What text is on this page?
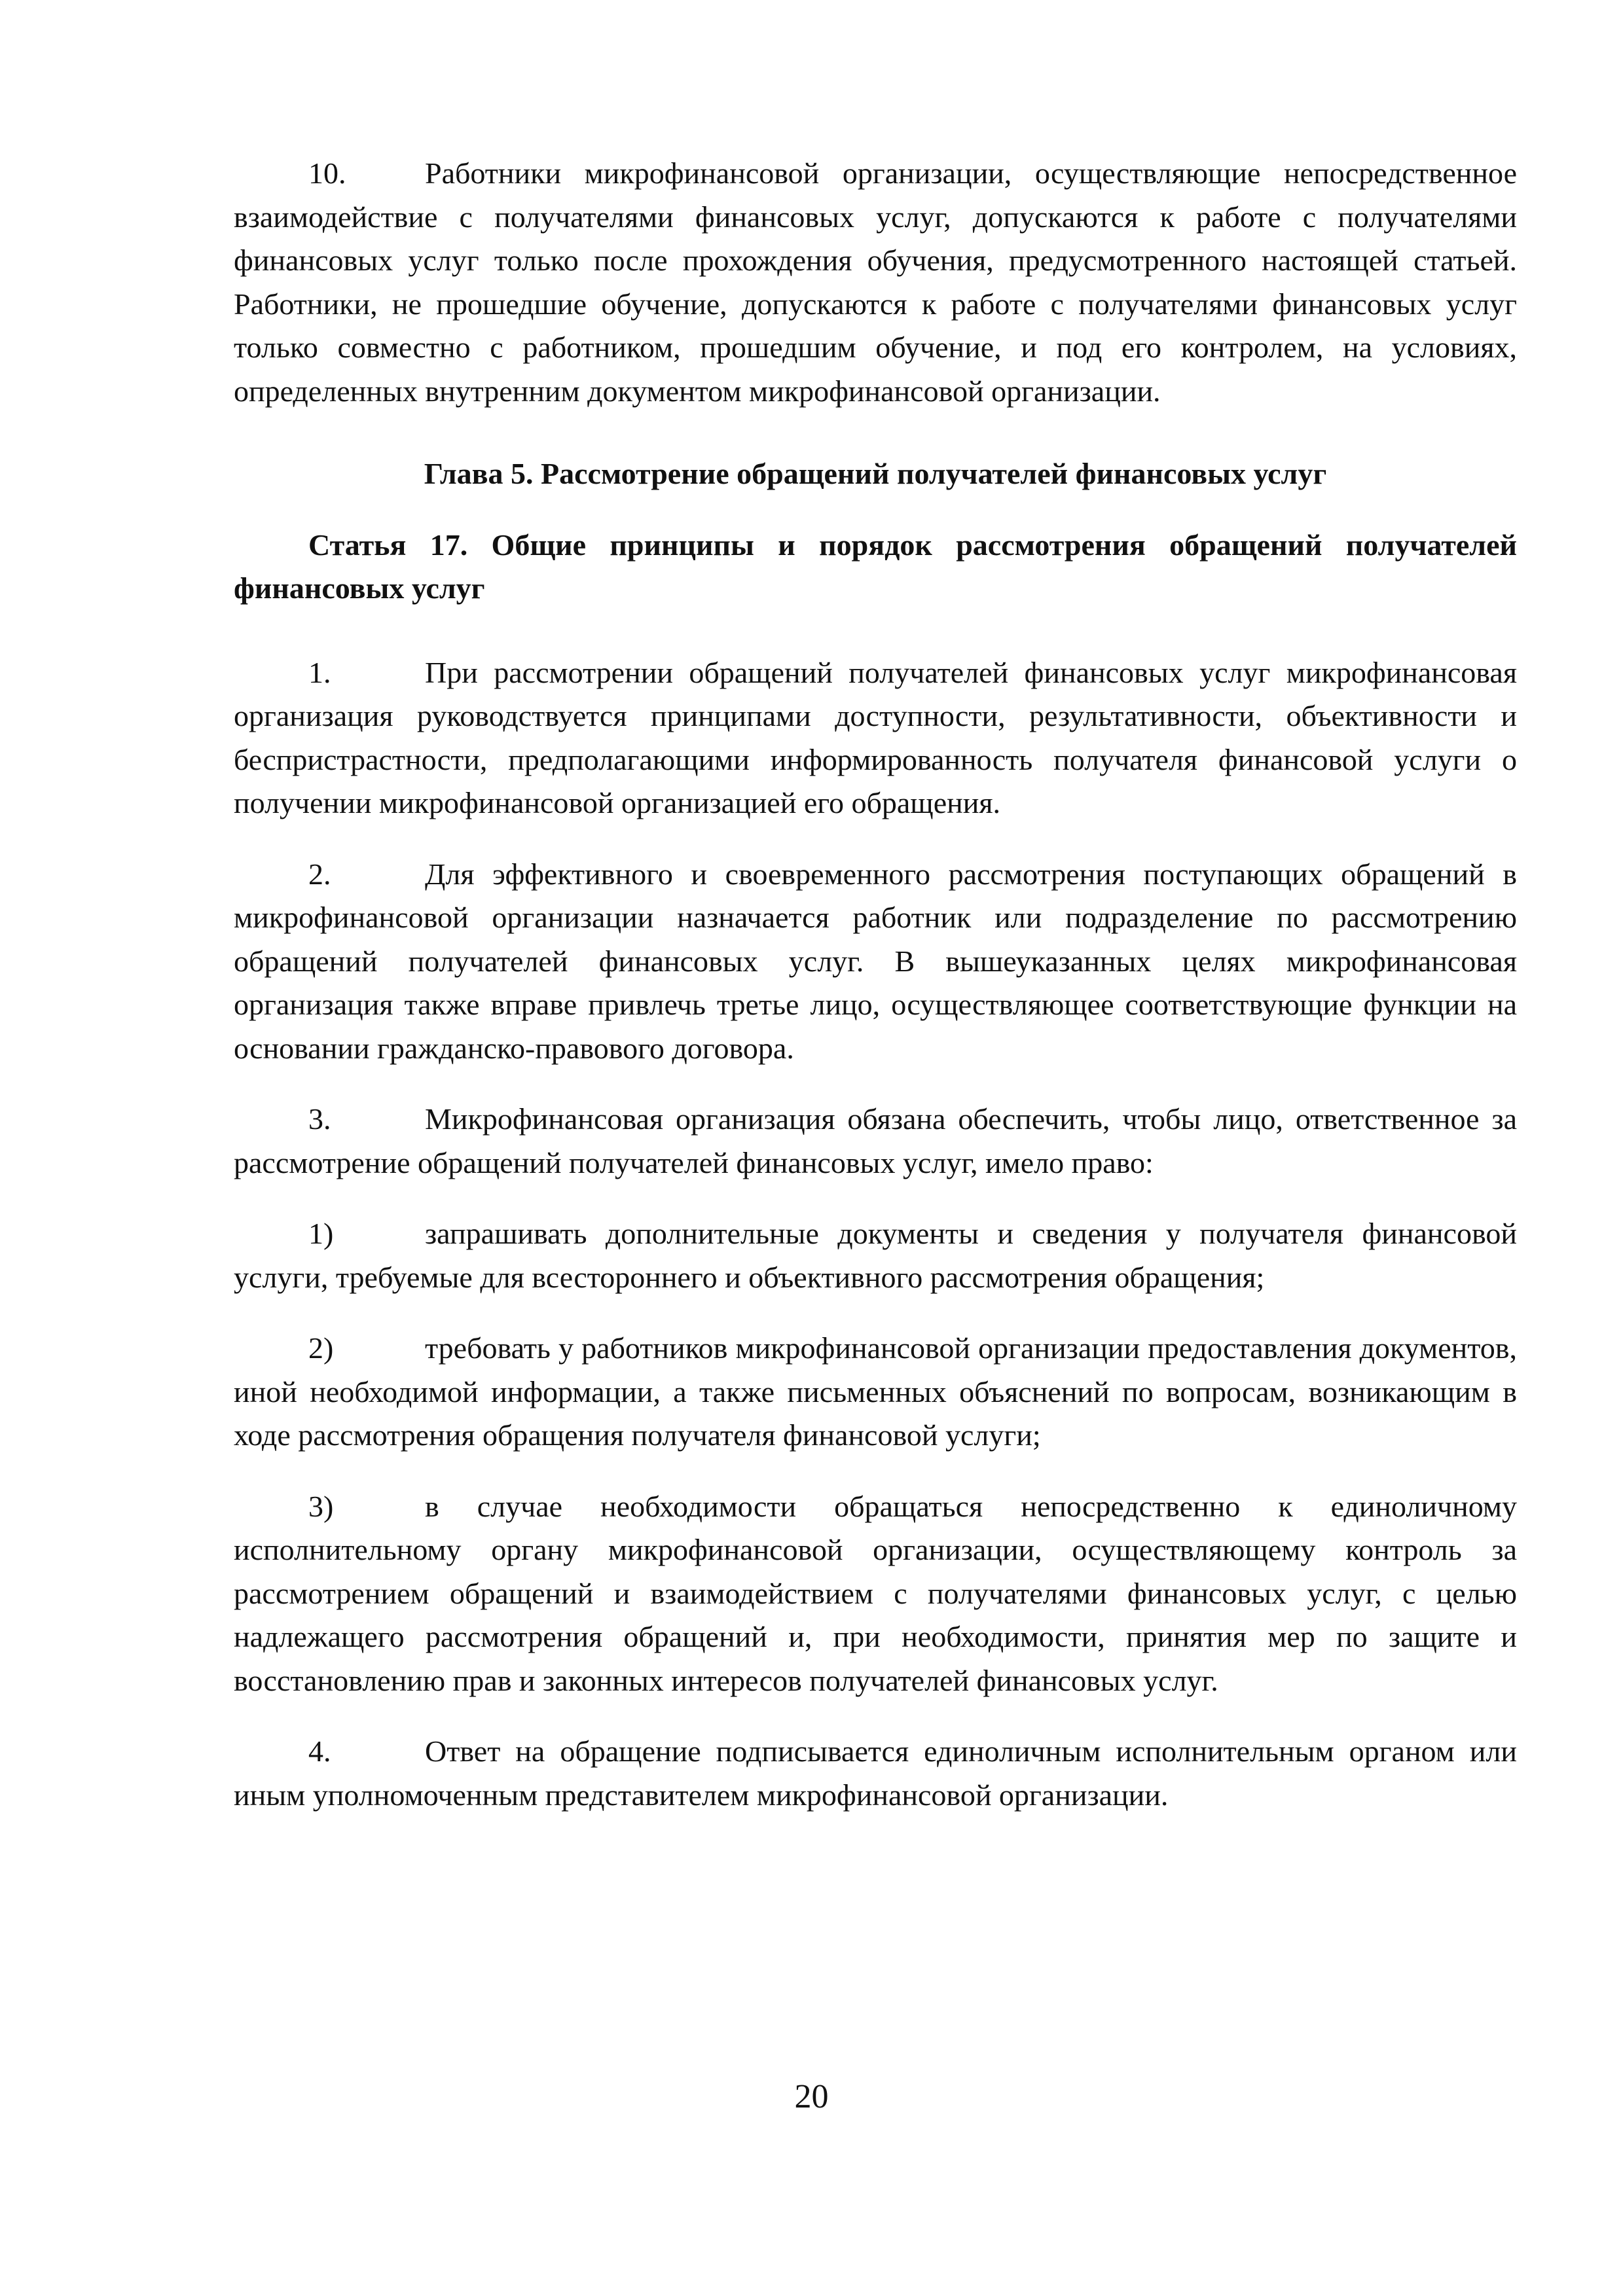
10.	Работники микрофинансовой организации, осуществляющие непосредственное взаимодействие с получателями финансовых услуг, допускаются к работе с получателями финансовых услуг только после прохождения обучения, предусмотренного настоящей статьей. Работники, не прошедшие обучение, допускаются к работе с получателями финансовых услуг только совместно с работником, прошедшим обучение, и под его контролем, на условиях, определенных внутренним документом микрофинансовой организации.

Глава 5. Рассмотрение обращений получателей финансовых услуг

Статья 17. Общие принципы и порядок рассмотрения обращений получателей финансовых услуг

1.	При рассмотрении обращений получателей финансовых услуг микрофинансовая организация руководствуется принципами доступности, результативности, объективности и беспристрастности, предполагающими информированность получателя финансовой услуги о получении микрофинансовой организацией его обращения.

2.	Для эффективного и своевременного рассмотрения поступающих обращений в микрофинансовой организации назначается работник или подразделение по рассмотрению обращений получателей финансовых услуг. В вышеуказанных целях микрофинансовая организация также вправе привлечь третье лицо, осуществляющее соответствующие функции на основании гражданско-правового договора.

3.	Микрофинансовая организация обязана обеспечить, чтобы лицо, ответственное за рассмотрение обращений получателей финансовых услуг, имело право:

1)	запрашивать дополнительные документы и сведения у получателя финансовой услуги, требуемые для всестороннего и объективного рассмотрения обращения;

2)	требовать у работников микрофинансовой организации предоставления документов, иной необходимой информации, а также письменных объяснений по вопросам, возникающим в ходе рассмотрения обращения получателя финансовой услуги;

3)	в случае необходимости обращаться непосредственно к единоличному исполнительному органу микрофинансовой организации, осуществляющему контроль за рассмотрением обращений и взаимодействием с получателями финансовых услуг, с целью надлежащего рассмотрения обращений и, при необходимости, принятия мер по защите и восстановлению прав и законных интересов получателей финансовых услуг.

4.	Ответ на обращение подписывается единоличным исполнительным органом или иным уполномоченным представителем микрофинансовой организации.

20
